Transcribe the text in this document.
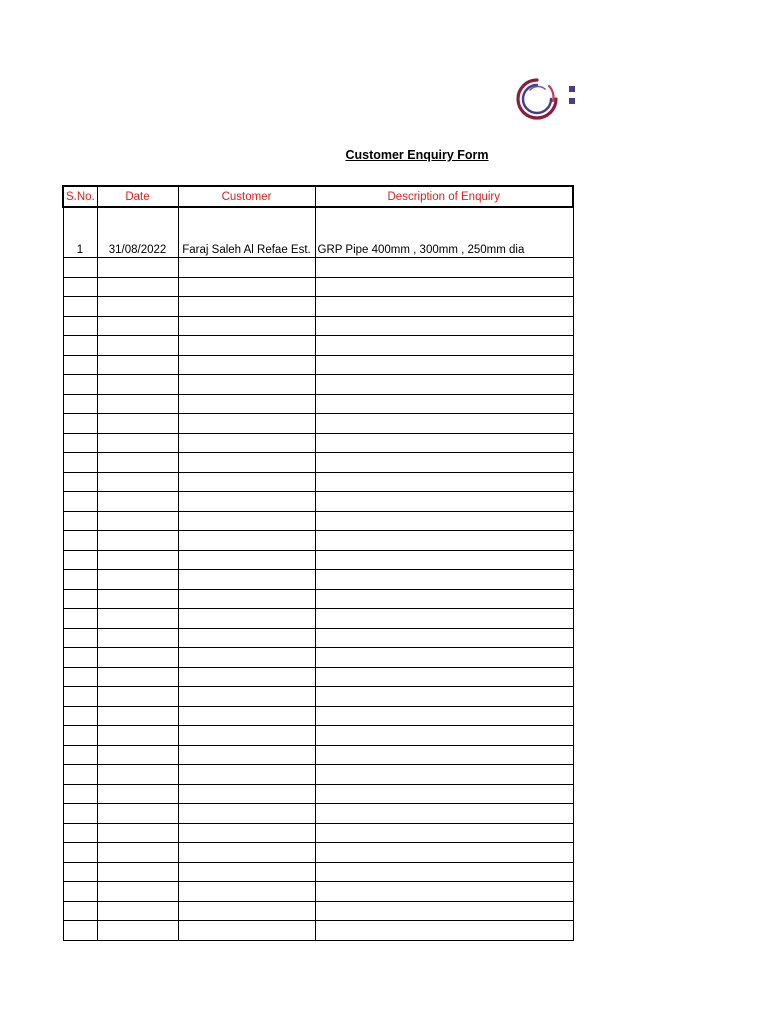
Customer Enquiry Form
S.No.	Date	Customer	Description of Enquiry
1	31/08/2022	Faraj Saleh Al Refae Est.	GRP Pipe 400mm , 300mm , 250mm dia
